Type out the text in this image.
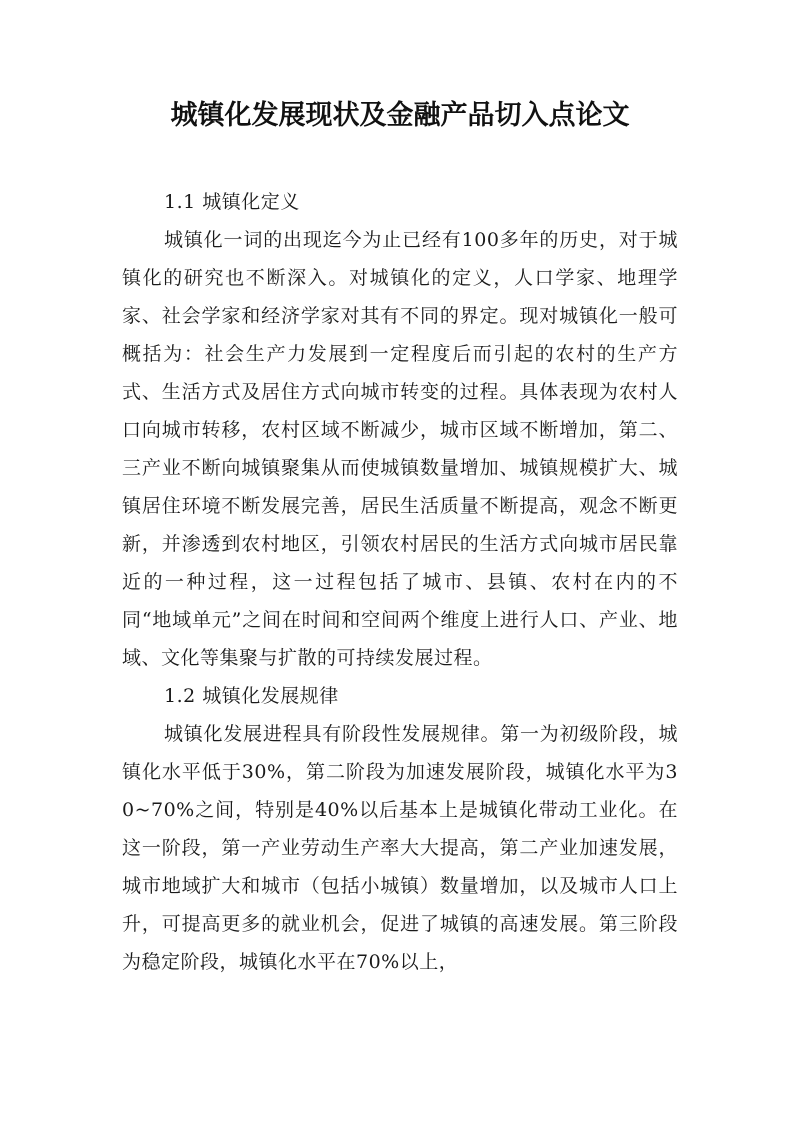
城镇化发展现状及金融产品切入点论文

1.1 城镇化定义

城镇化一词的出现迄今为止已经有100多年的历史，对于城镇化的研究也不断深入。对城镇化的定义，人口学家、地理学家、社会学家和经济学家对其有不同的界定。现对城镇化一般可概括为：社会生产力发展到一定程度后而引起的农村的生产方式、生活方式及居住方式向城市转变的过程。具体表现为农村人口向城市转移，农村区域不断减少，城市区域不断增加，第二、三产业不断向城镇聚集从而使城镇数量增加、城镇规模扩大、城镇居住环境不断发展完善，居民生活质量不断提高，观念不断更新，并渗透到农村地区，引领农村居民的生活方式向城市居民靠近的一种过程，这一过程包括了城市、县镇、农村在内的不同“地域单元”之间在时间和空间两个维度上进行人口、产业、地域、文化等集聚与扩散的可持续发展过程。

1.2 城镇化发展规律

城镇化发展进程具有阶段性发展规律。第一为初级阶段，城镇化水平低于30%，第二阶段为加速发展阶段，城镇化水平为30~70%之间，特别是40%以后基本上是城镇化带动工业化。在这一阶段，第一产业劳动生产率大大提高，第二产业加速发展，城市地域扩大和城市（包括小城镇）数量增加，以及城市人口上升，可提高更多的就业机会，促进了城镇的高速发展。第三阶段为稳定阶段，城镇化水平在70%以上，
